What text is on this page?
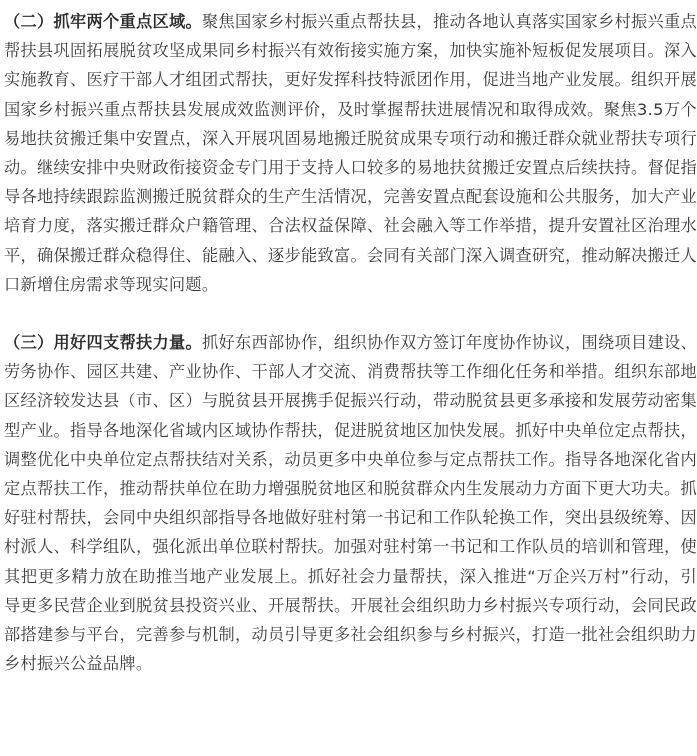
（二）抓牢两个重点区域。聚焦国家乡村振兴重点帮扶县，推动各地认真落实国家乡村振兴重点帮扶县巩固拓展脱贫攻坚成果同乡村振兴有效衔接实施方案，加快实施补短板促发展项目。深入实施教育、医疗干部人才组团式帮扶，更好发挥科技特派团作用，促进当地产业发展。组织开展国家乡村振兴重点帮扶县发展成效监测评价，及时掌握帮扶进展情况和取得成效。聚焦3.5万个易地扶贫搬迁集中安置点，深入开展巩固易地搬迁脱贫成果专项行动和搬迁群众就业帮扶专项行动。继续安排中央财政衔接资金专门用于支持人口较多的易地扶贫搬迁安置点后续扶持。督促指导各地持续跟踪监测搬迁脱贫群众的生产生活情况，完善安置点配套设施和公共服务，加大产业培育力度，落实搬迁群众户籍管理、合法权益保障、社会融入等工作举措，提升安置社区治理水平，确保搬迁群众稳得住、能融入、逐步能致富。会同有关部门深入调查研究，推动解决搬迁人口新增住房需求等现实问题。

（三）用好四支帮扶力量。抓好东西部协作，组织协作双方签订年度协作协议，围绕项目建设、劳务协作、园区共建、产业协作、干部人才交流、消费帮扶等工作细化任务和举措。组织东部地区经济较发达县（市、区）与脱贫县开展携手促振兴行动，带动脱贫县更多承接和发展劳动密集型产业。指导各地深化省域内区域协作帮扶，促进脱贫地区加快发展。抓好中央单位定点帮扶，调整优化中央单位定点帮扶结对关系，动员更多中央单位参与定点帮扶工作。指导各地深化省内定点帮扶工作，推动帮扶单位在助力增强脱贫地区和脱贫群众内生发展动力方面下更大功夫。抓好驻村帮扶，会同中央组织部指导各地做好驻村第一书记和工作队轮换工作，突出县级统筹、因村派人、科学组队，强化派出单位联村帮扶。加强对驻村第一书记和工作队员的培训和管理，使其把更多精力放在助推当地产业发展上。抓好社会力量帮扶，深入推进“万企兴万村”行动，引导更多民营企业到脱贫县投资兴业、开展帮扶。开展社会组织助力乡村振兴专项行动，会同民政部搭建参与平台，完善参与机制，动员引导更多社会组织参与乡村振兴，打造一批社会组织助力乡村振兴公益品牌。
